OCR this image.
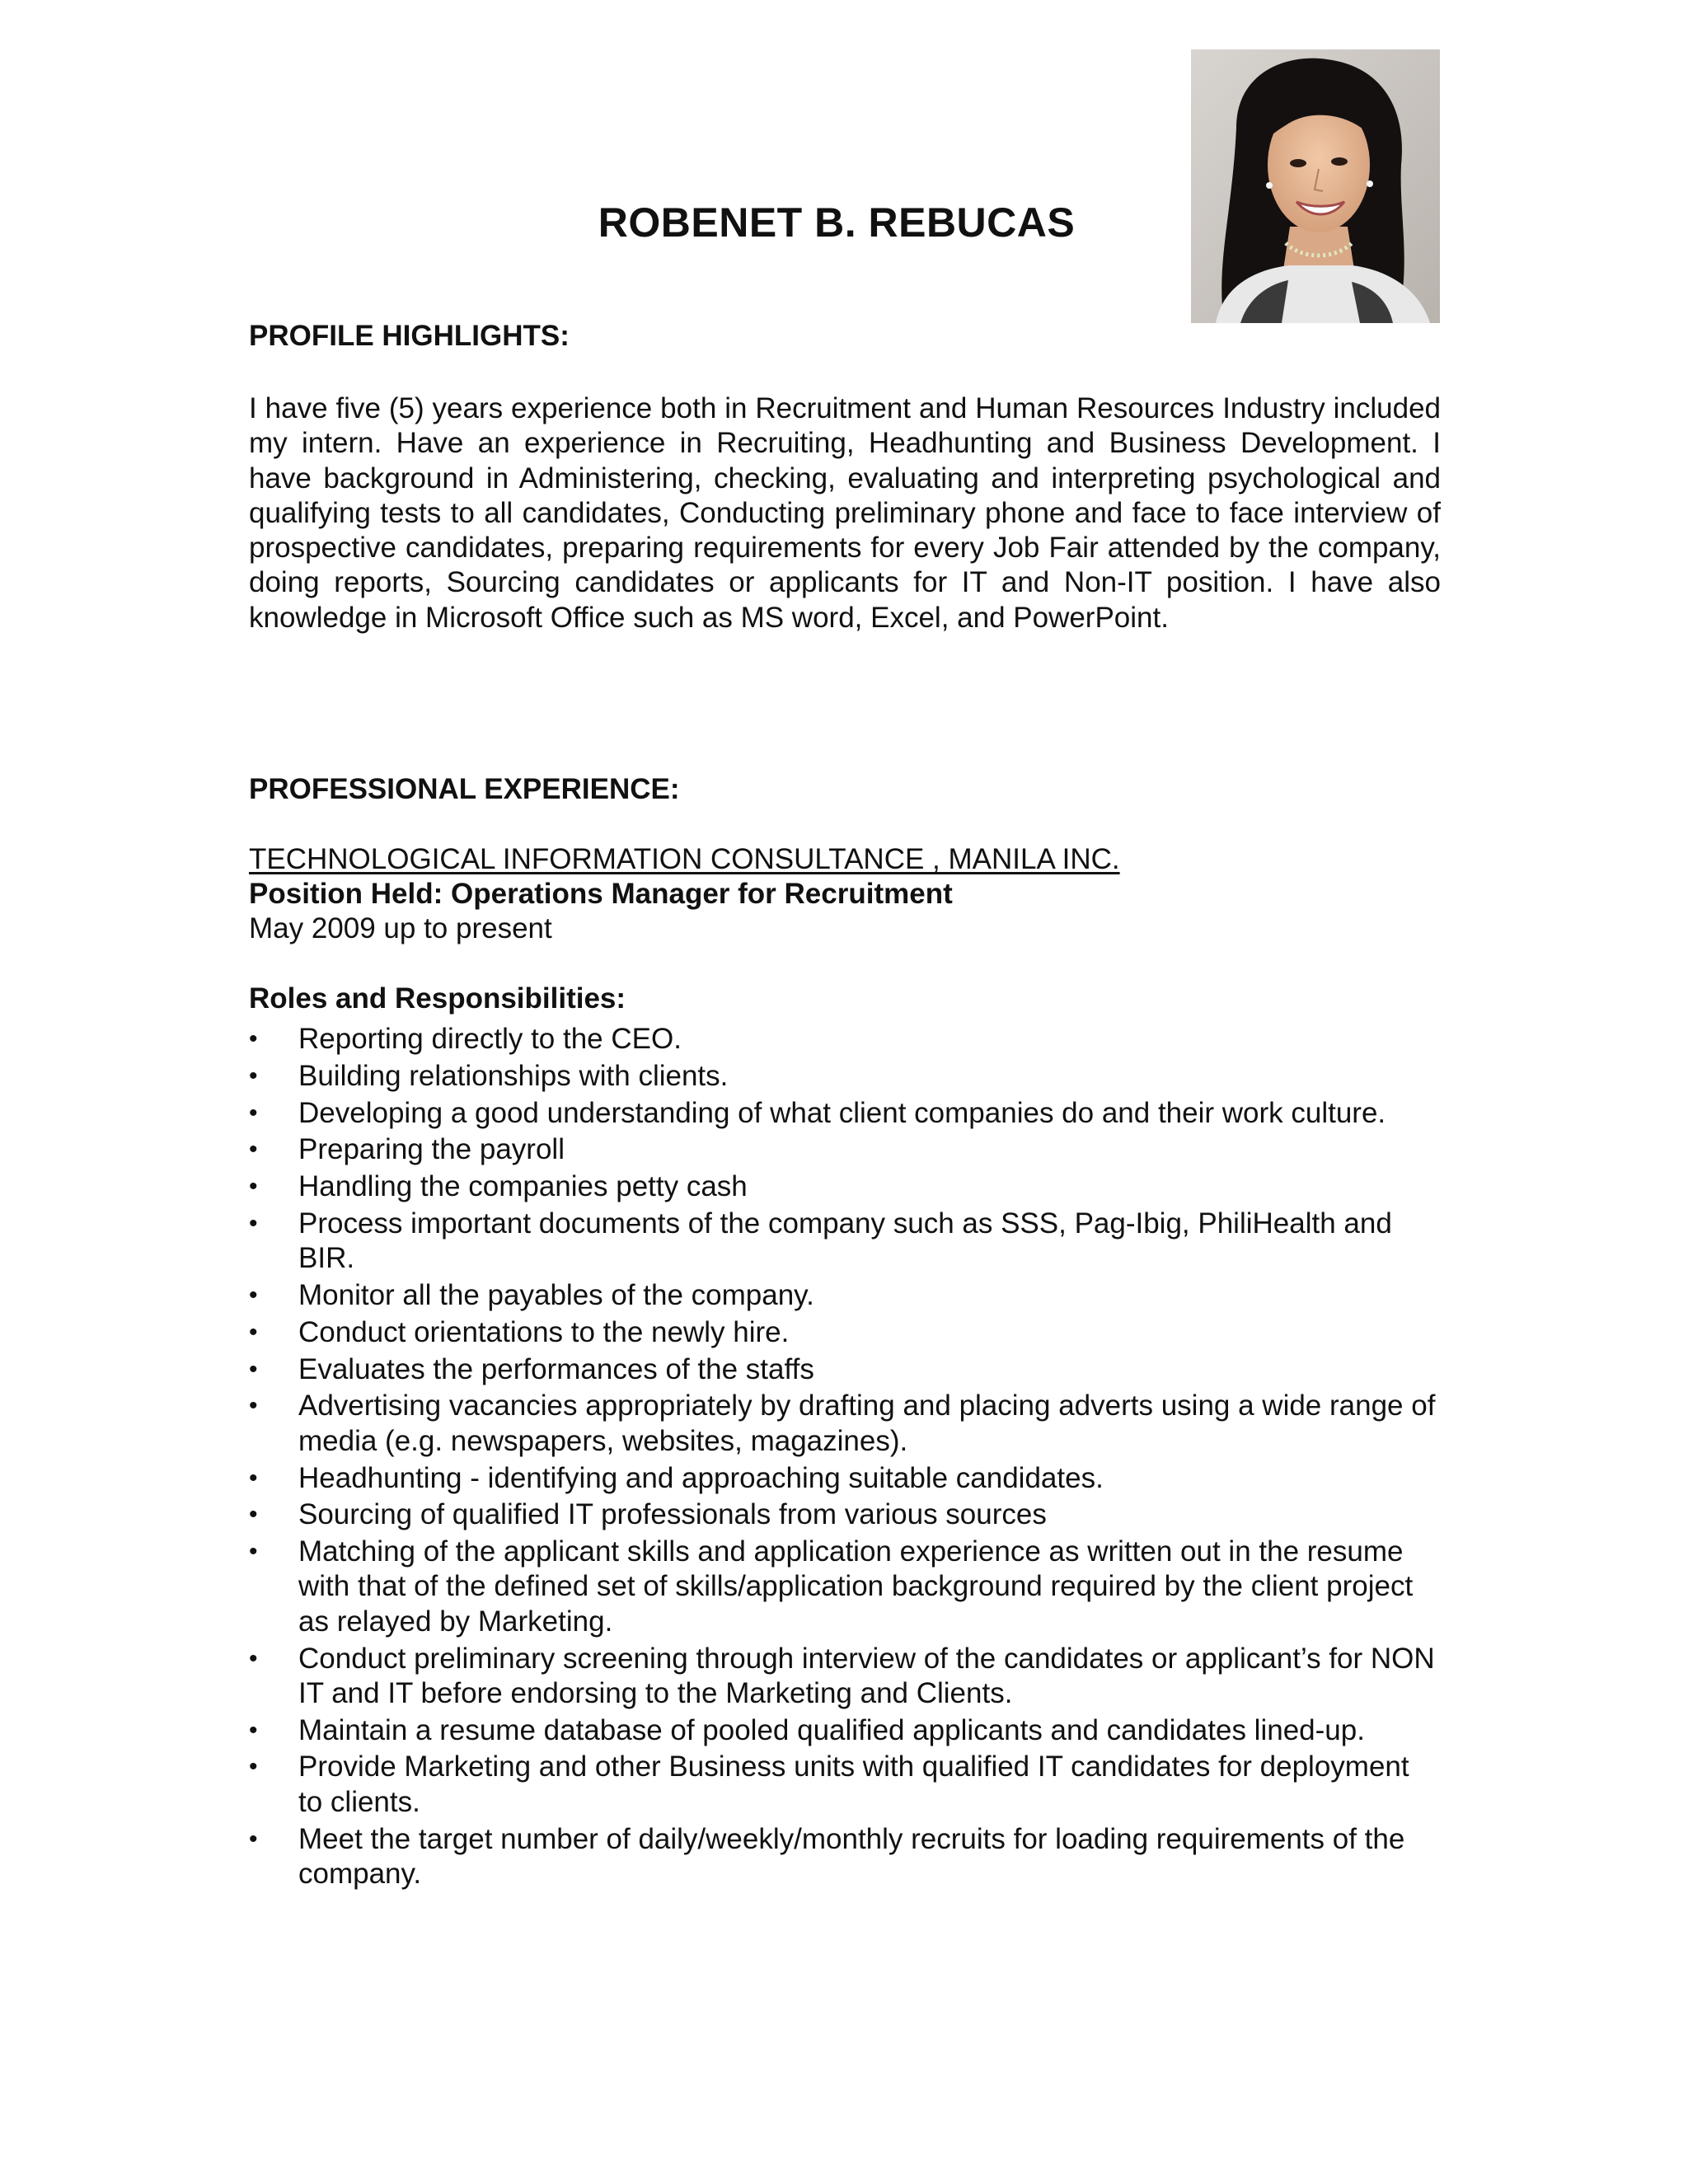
ROBENET B. REBUCAS
PROFILE HIGHLIGHTS:

I have five (5) years experience both in Recruitment and Human Resources Industry included my intern. Have an experience in Recruiting, Headhunting and Business Development. I have background in Administering, checking, evaluating and interpreting psychological and qualifying tests to all candidates, Conducting preliminary phone and face to face interview of prospective candidates, preparing requirements for every Job Fair attended by the company, doing reports, Sourcing candidates or applicants for IT and Non-IT position. I have also knowledge in Microsoft Office such as MS word, Excel, and PowerPoint.

PROFESSIONAL EXPERIENCE:
TECHNOLOGICAL INFORMATION CONSULTANCE , MANILA INC.
Position Held: Operations Manager for Recruitment
May 2009 up to present
Roles and Responsibilities:
•	Reporting directly to the CEO.
•	Building relationships with clients.
•	Developing a good understanding of what client companies do and their work culture.
•	Preparing the payroll
•	Handling the companies petty cash
•	Process important documents of the company such as SSS, Pag-Ibig, PhiliHealth and BIR.
•	Monitor all the payables of the company.
•	Conduct orientations to the newly hire.
•	Evaluates the performances of the staffs
•	Advertising vacancies appropriately by drafting and placing adverts using a wide range of media (e.g. newspapers, websites, magazines).
•	Headhunting - identifying and approaching suitable candidates.
•	Sourcing of qualified IT professionals from various sources
•	Matching of the applicant skills and application experience as written out in the resume with that of the defined set of skills/application background required by the client project as relayed by Marketing.
•	Conduct preliminary screening through interview of the candidates or applicant’s for NON IT and IT before endorsing to the Marketing and Clients.
•	Maintain a resume database of pooled qualified applicants and candidates lined-up.
•	Provide Marketing and other Business units with qualified IT candidates for deployment to clients.
•	Meet the target number of daily/weekly/monthly recruits for loading requirements of the company.
